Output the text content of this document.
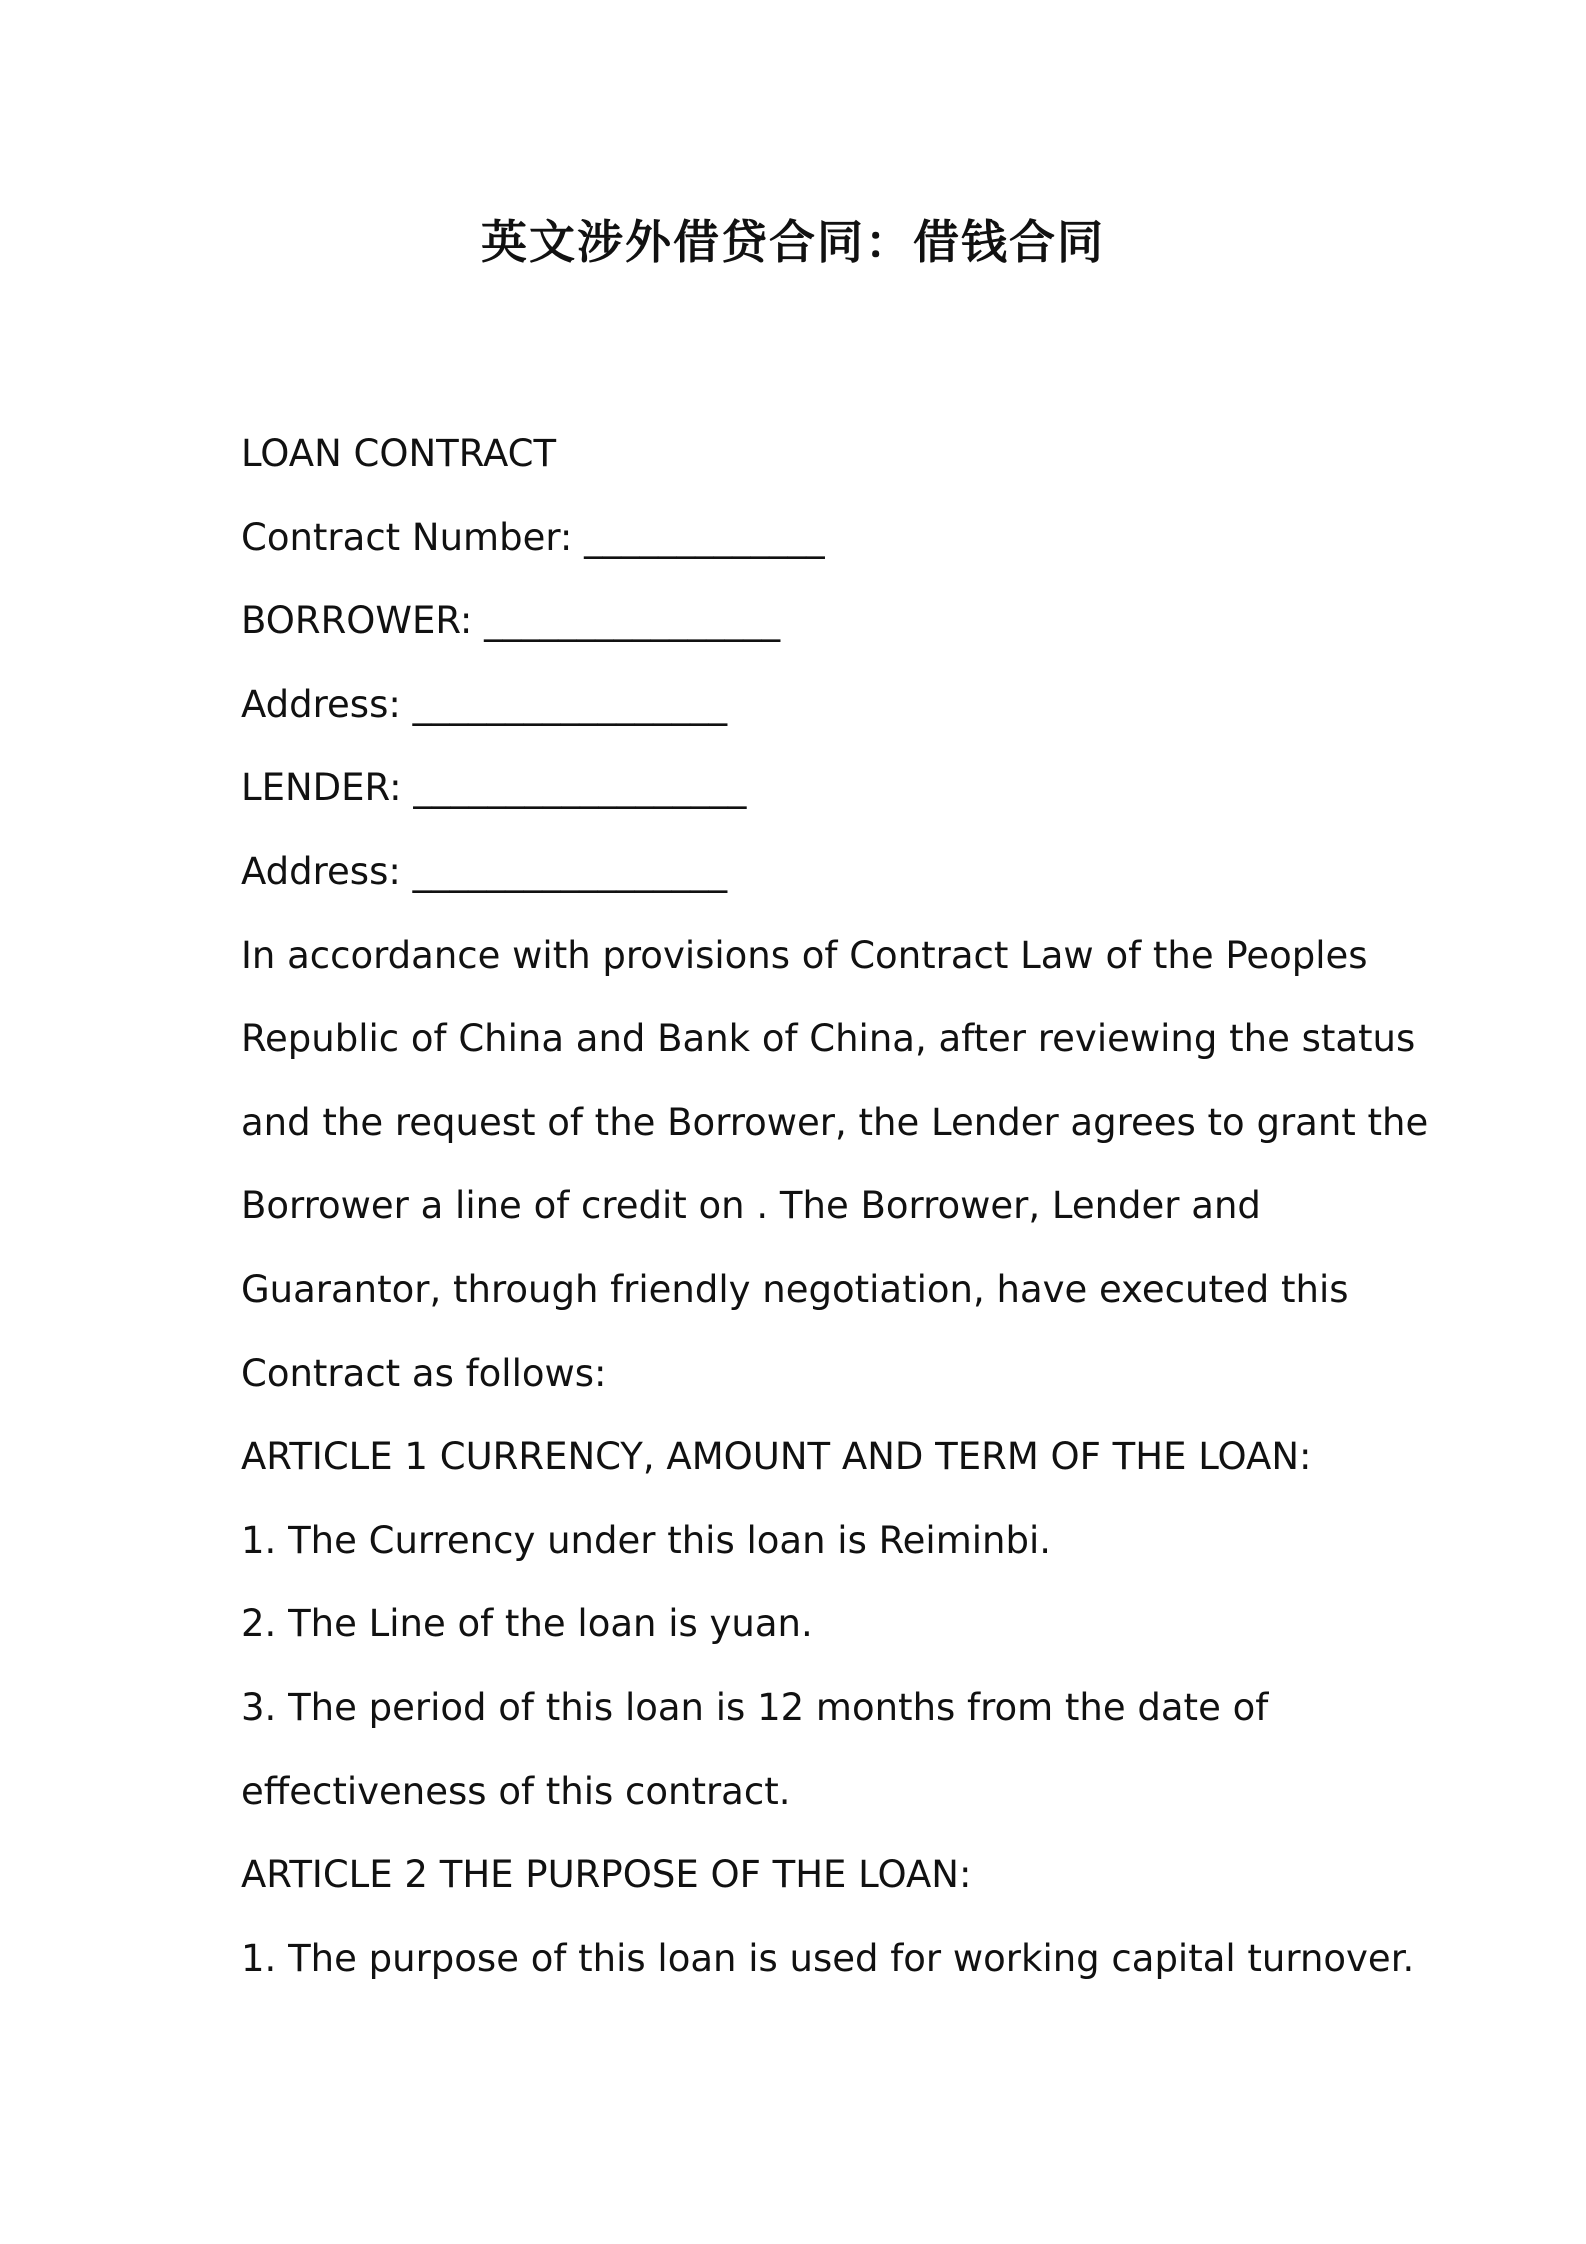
英文涉外借贷合同：借钱合同

LOAN CONTRACT

Contract Number: _____________

BORROWER: ________________

Address: _________________

LENDER: __________________

Address: _________________

In accordance with provisions of Contract Law of the Peoples

Republic of China and Bank of China, after reviewing the status

and the request of the Borrower, the Lender agrees to grant the

Borrower a line of credit on . The Borrower, Lender and

Guarantor, through friendly negotiation, have executed this

Contract as follows:

ARTICLE 1 CURRENCY, AMOUNT AND TERM OF THE LOAN:

1. The Currency under this loan is Reiminbi.

2. The Line of the loan is yuan.

3. The period of this loan is 12 months from the date of

effectiveness of this contract.

ARTICLE 2 THE PURPOSE OF THE LOAN:

1. The purpose of this loan is used for working capital turnover.
